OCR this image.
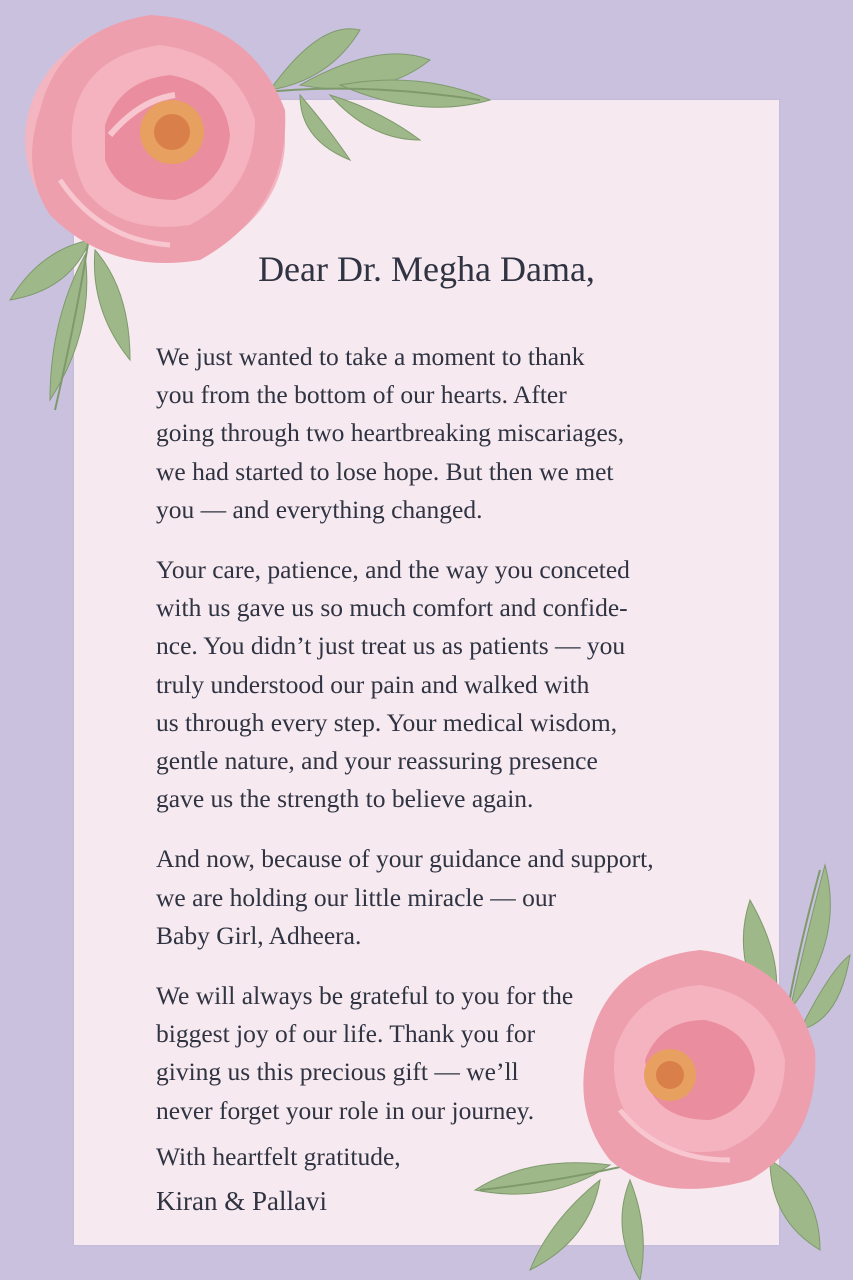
Dear Dr. Megha Dama,

We just wanted to take a moment to thank
you from the bottom of our hearts. After
going through two heartbreaking miscariages,
we had started to lose hope. But then we met
you — and everything changed.

Your care, patience, and the way you conceted
with us gave us so much comfort and confide-
nce. You didn’t just treat us as patients — you
truly understood our pain and walked with
us through every step. Your medical wisdom,
gentle nature, and your reassuring presence
gave us the strength to believe again.

And now, because of your guidance and support,
we are holding our little miracle — our
Baby Girl, Adheera.

We will always be grateful to you for the
biggest joy of our life. Thank you for
giving us this precious gift — we’ll
never forget your role in our journey.

With heartfelt gratitude,
Kiran & Pallavi
